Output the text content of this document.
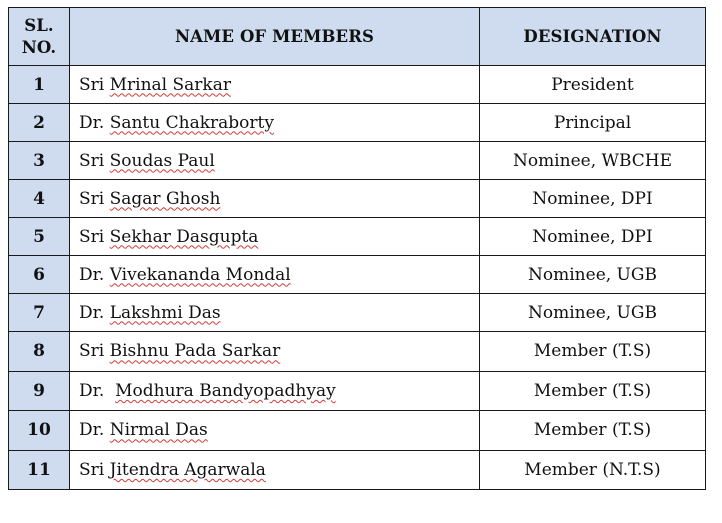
SL.
NO.	NAME OF MEMBERS	DESIGNATION
1	Sri Mrinal Sarkar	President
2	Dr. Santu Chakraborty	Principal
3	Sri Soudas Paul	Nominee, WBCHE
4	Sri Sagar Ghosh	Nominee, DPI
5	Sri Sekhar Dasgupta	Nominee, DPI
6	Dr. Vivekananda Mondal	Nominee, UGB
7	Dr. Lakshmi Das	Nominee, UGB
8	Sri Bishnu Pada Sarkar	Member (T.S)
9	Dr.  Modhura Bandyopadhyay	Member (T.S)
10	Dr. Nirmal Das	Member (T.S)
11	Sri Jitendra Agarwala	Member (N.T.S)
